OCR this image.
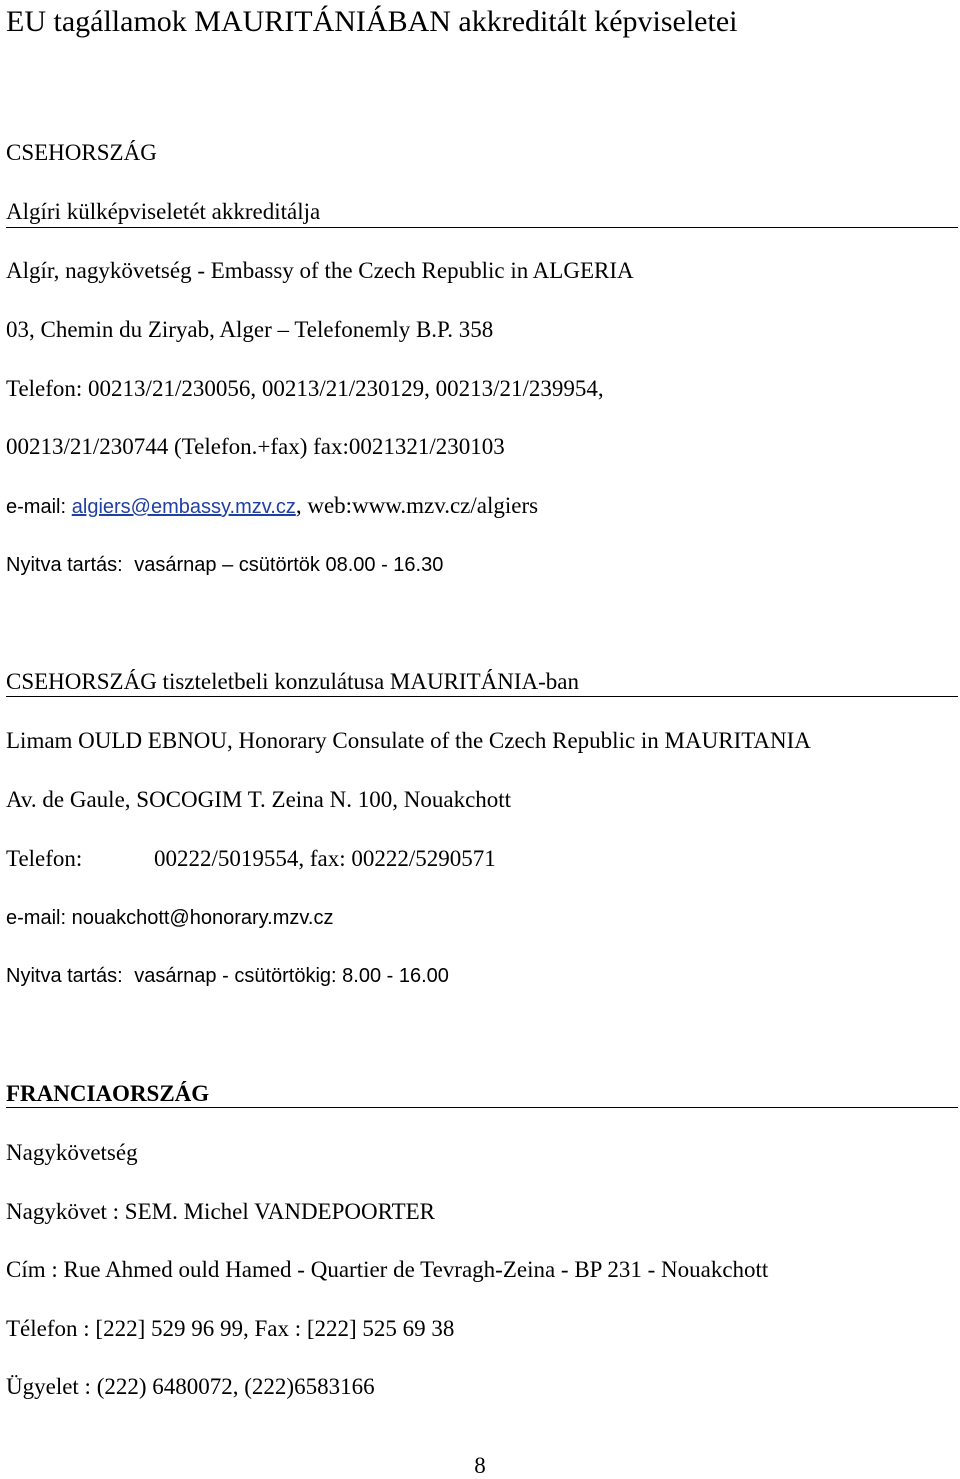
EU tagállamok MAURITÁNIÁBAN akkreditált képviseletei
CSEHORSZÁG
Algíri külképviseletét akkreditálja
Algír, nagykövetség - Embassy of the Czech Republic in ALGERIA
03, Chemin du Ziryab, Alger – Telefonemly B.P. 358
Telefon: 00213/21/230056, 00213/21/230129, 00213/21/239954,
00213/21/230744 (Telefon.+fax) fax:0021321/230103
e-mail: algiers@embassy.mzv.cz, web:www.mzv.cz/algiers
Nyitva tartás: vasárnap – csütörtök 08.00 - 16.30
CSEHORSZÁG tiszteletbeli konzulátusa MAURITÁNIA-ban
Limam OULD EBNOU, Honorary Consulate of the Czech Republic in MAURITANIA
Av. de Gaule, SOCOGIM T. Zeina N. 100, Nouakchott
Telefon:	00222/5019554, fax: 00222/5290571
e-mail: nouakchott@honorary.mzv.cz
Nyitva tartás: vasárnap - csütörtökig: 8.00 - 16.00
FRANCIAORSZÁG
Nagykövetség
Nagykövet : SEM. Michel VANDEPOORTER
Cím : Rue Ahmed ould Hamed - Quartier de Tevragh-Zeina - BP 231 - Nouakchott
Télefon : [222] 529 96 99, Fax : [222] 525 69 38
Ügyelet : (222) 6480072, (222)6583166
8
